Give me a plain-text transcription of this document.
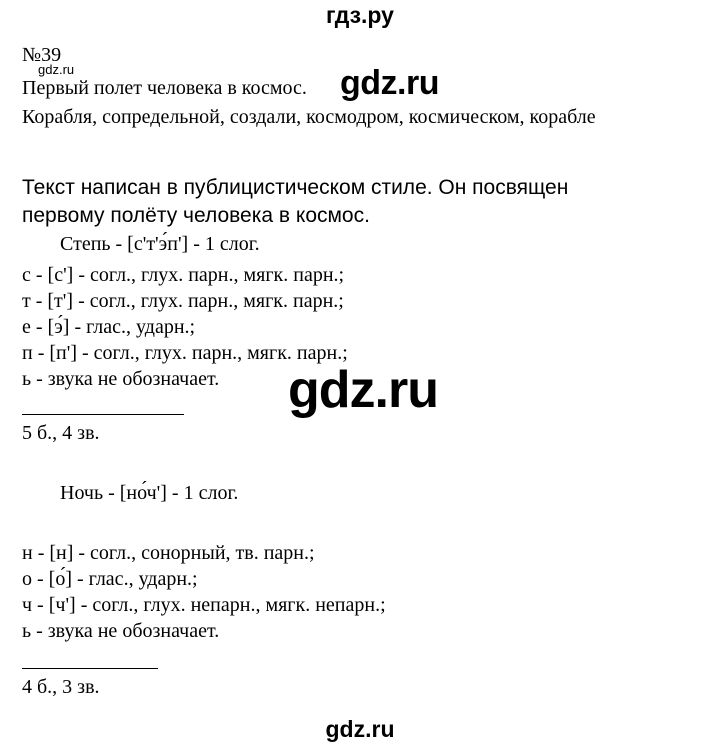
гдз.ру
№39
gdz.ru
Первый полет человека в космос. gdz.ru
Корабля, сопредельной, создали, космодром, космическом, корабле
Текст написан в публицистическом стиле. Он посвящен
первому полёту человека в космос.
Степь - [с'т'э́п'] - 1 слог.
с - [с'] - согл., глух. парн., мягк. парн.;
т - [т'] - согл., глух. парн., мягк. парн.;
е - [э́] - глас., ударн.;
п - [п'] - согл., глух. парн., мягк. парн.;
ь - звука не обозначает. gdz.ru
5 б., 4 зв.
Ночь - [но́ч'] - 1 слог.
н - [н] - согл., сонорный, тв. парн.;
о - [о́] - глас., ударн.;
ч - [ч'] - согл., глух. непарн., мягк. непарн.;
ь - звука не обозначает.
4 б., 3 зв.
gdz.ru
